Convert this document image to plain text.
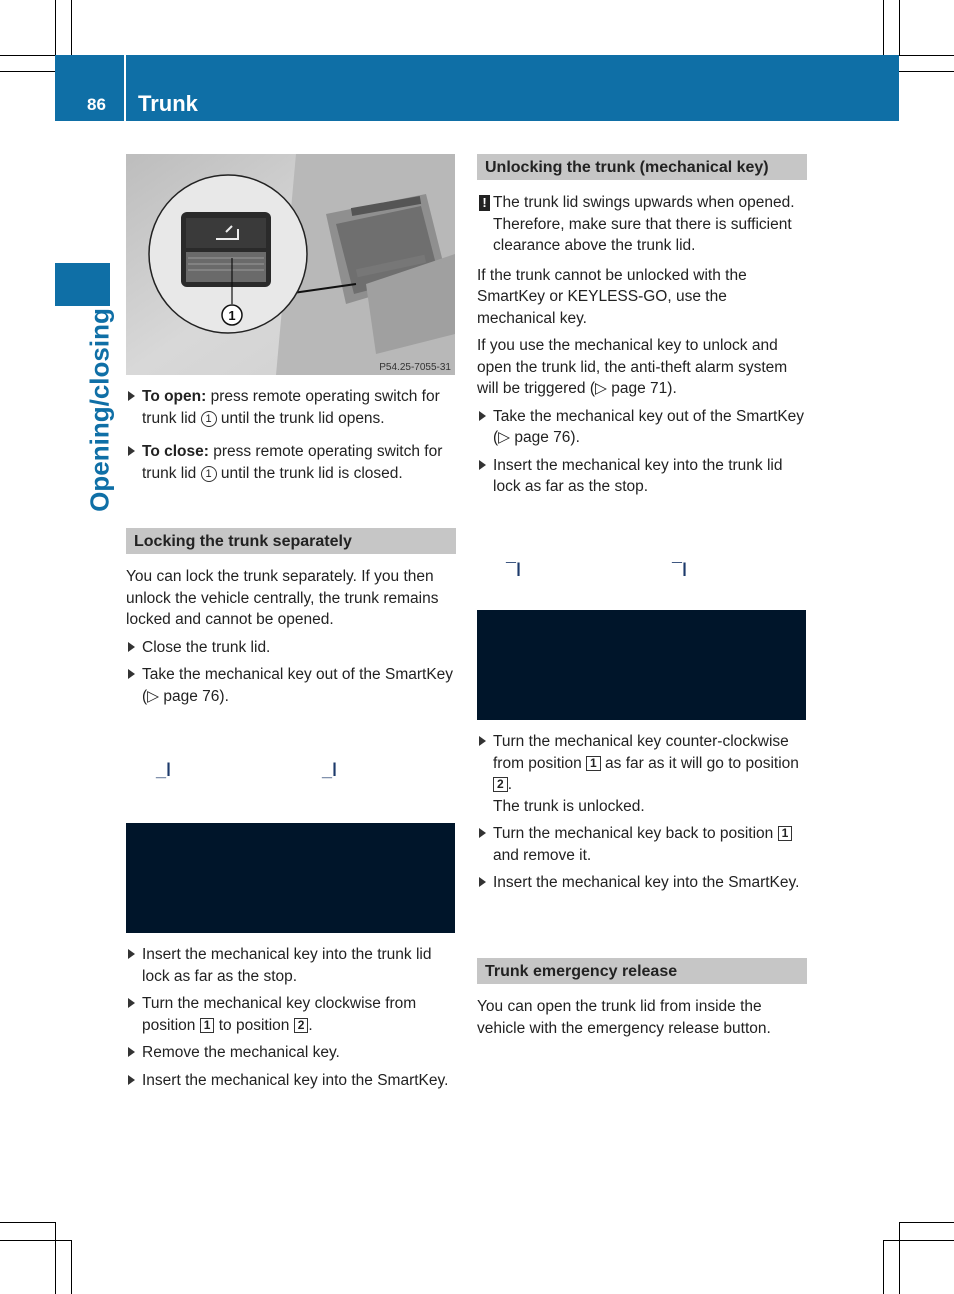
86 Trunk
Opening/closing	1
P54.25-7055-31
To open: press remote operating switch for trunk lid 1 until the trunk lid opens.
To close: press remote operating switch for trunk lid 1 until the trunk lid is closed.
Locking the trunk separately

You can lock the trunk separately. If you then unlock the vehicle centrally, the trunk remains locked and cannot be opened.

Close the trunk lid.
Take the mechanical key out of the SmartKey (▷ page 76).
_ǀ	_ǀ
Insert the mechanical key into the trunk lid lock as far as the stop.
Turn the mechanical key clockwise from position 1 to position 2 .
Remove the mechanical key.
Insert the mechanical key into the SmartKey.
Unlocking the trunk (mechanical key)
! The trunk lid swings upwards when opened. Therefore, make sure that there is sufficient clearance above the trunk lid.

If the trunk cannot be unlocked with the SmartKey or KEYLESS-GO, use the mechanical key.

If you use the mechanical key to unlock and open the trunk lid, the anti-theft alarm system will be triggered (▷ page 71).

Take the mechanical key out of the SmartKey (▷ page 76).
Insert the mechanical key into the trunk lid lock as far as the stop.
¯ǀ	¯ǀ
Turn the mechanical key counter-clockwise from position 1 as far as it will go to position 2 .
The trunk is unlocked.
Turn the mechanical key back to position 1 and remove it.
Insert the mechanical key into the SmartKey.
Trunk emergency release

You can open the trunk lid from inside the vehicle with the emergency release button.
